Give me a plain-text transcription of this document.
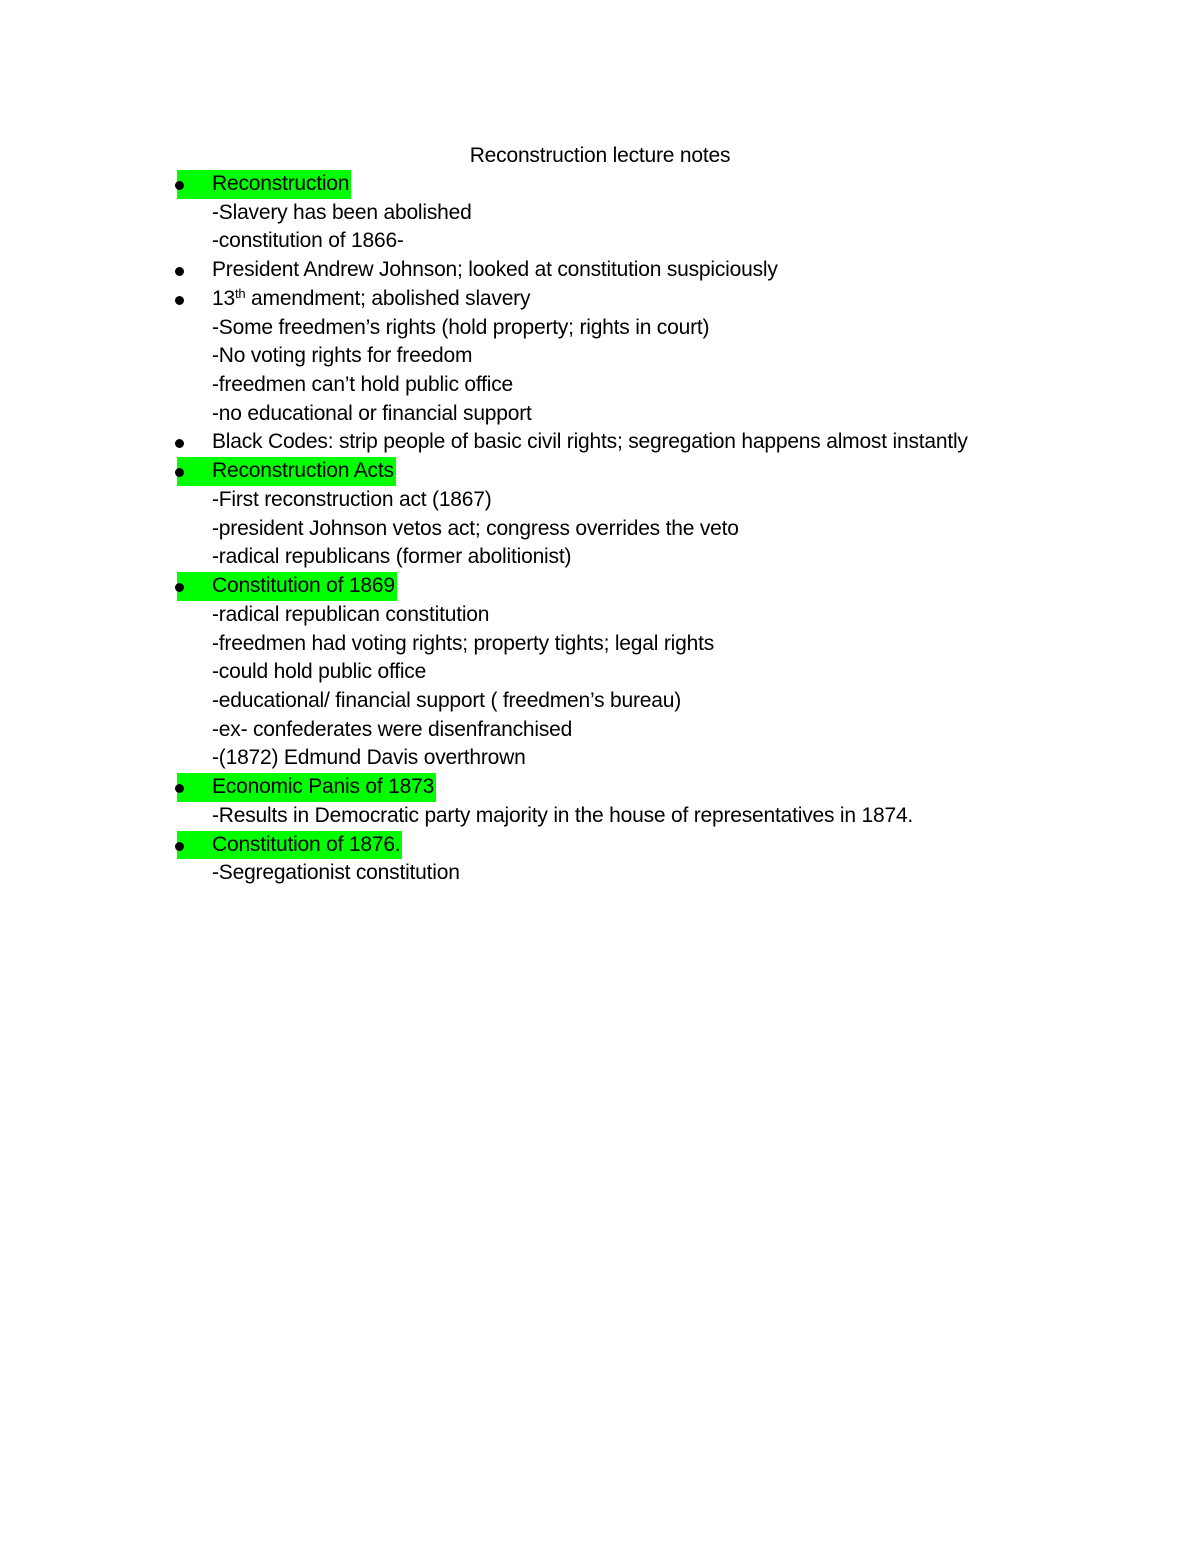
Reconstruction lecture notes
Reconstruction
-Slavery has been abolished
-constitution of 1866-
President Andrew Johnson; looked at constitution suspiciously
13th amendment; abolished slavery
-Some freedmen’s rights (hold property; rights in court)
-No voting rights for freedom
-freedmen can’t hold public office
-no educational or financial support
Black Codes: strip people of basic civil rights; segregation happens almost instantly
Reconstruction Acts
-First reconstruction act (1867)
-president Johnson vetos act; congress overrides the veto
-radical republicans (former abolitionist)
Constitution of 1869
-radical republican constitution
-freedmen had voting rights; property tights; legal rights
-could hold public office
-educational/ financial support ( freedmen’s bureau)
-ex- confederates were disenfranchised
-(1872) Edmund Davis overthrown
Economic Panis of 1873
-Results in Democratic party majority in the house of representatives in 1874.
Constitution of 1876.
-Segregationist constitution
